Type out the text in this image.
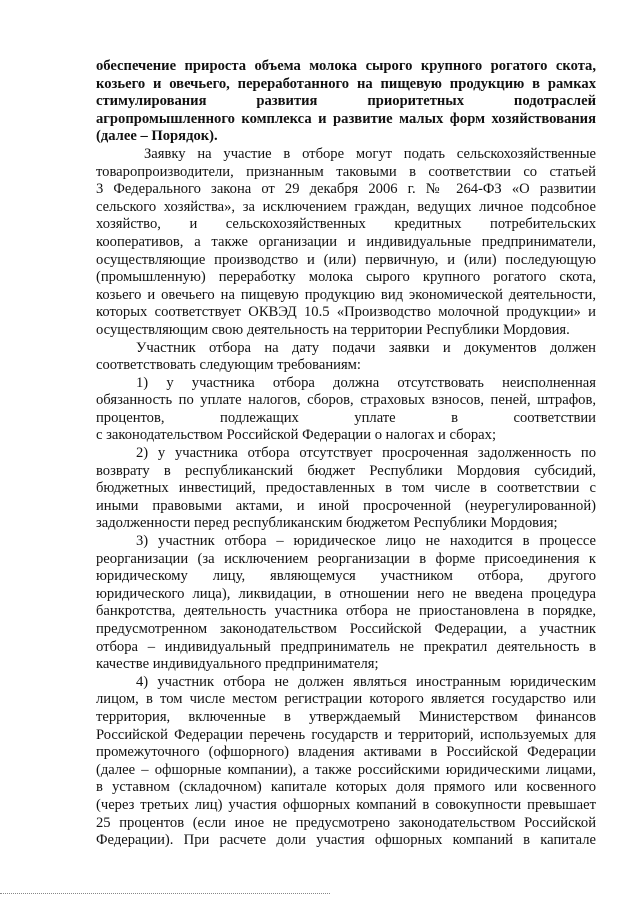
обеспечение прироста объема молока сырого крупного рогатого скота,
козьего и овечьего, переработанного на пищевую продукцию в рамках
стимулирования развития приоритетных подотраслей
агропромышленного комплекса и развитие малых форм хозяйствования
(далее – Порядок).
Заявку на участие в отборе могут подать сельскохозяйственные
товаропроизводители, признанным таковыми в соответствии со статьей
3 Федерального закона от 29 декабря 2006 г. № 264-ФЗ «О развитии
сельского хозяйства», за исключением граждан, ведущих личное подсобное
хозяйство, и сельскохозяйственных кредитных потребительских
кооперативов, а также организации и индивидуальные предприниматели,
осуществляющие производство и (или) первичную, и (или) последующую
(промышленную) переработку молока сырого крупного рогатого скота,
козьего и овечьего на пищевую продукцию вид экономической деятельности,
которых соответствует ОКВЭД 10.5 «Производство молочной продукции» и
осуществляющим свою деятельность на территории Республики Мордовия.
Участник отбора на дату подачи заявки и документов должен
соответствовать следующим требованиям:
1) у участника отбора должна отсутствовать неисполненная
обязанность по уплате налогов, сборов, страховых взносов, пеней, штрафов,
процентов, подлежащих уплате в соответствии
с законодательством Российской Федерации о налогах и сборах;
2) у участника отбора отсутствует просроченная задолженность по
возврату в республиканский бюджет Республики Мордовия субсидий,
бюджетных инвестиций, предоставленных в том числе в соответствии с
иными правовыми актами, и иной просроченной (неурегулированной)
задолженности перед республиканским бюджетом Республики Мордовия;
3) участник отбора – юридическое лицо не находится в процессе
реорганизации (за исключением реорганизации в форме присоединения к
юридическому лицу, являющемуся участником отбора, другого
юридического лица), ликвидации, в отношении него не введена процедура
банкротства, деятельность участника отбора не приостановлена в порядке,
предусмотренном законодательством Российской Федерации, а участник
отбора – индивидуальный предприниматель не прекратил деятельность в
качестве индивидуального предпринимателя;
4) участник отбора не должен являться иностранным юридическим
лицом, в том числе местом регистрации которого является государство или
территория, включенные в утверждаемый Министерством финансов
Российской Федерации перечень государств и территорий, используемых для
промежуточного (офшорного) владения активами в Российской Федерации
(далее – офшорные компании), а также российскими юридическими лицами,
в уставном (складочном) капитале которых доля прямого или косвенного
(через третьих лиц) участия офшорных компаний в совокупности превышает
25 процентов (если иное не предусмотрено законодательством Российской
Федерации). При расчете доли участия офшорных компаний в капитале
